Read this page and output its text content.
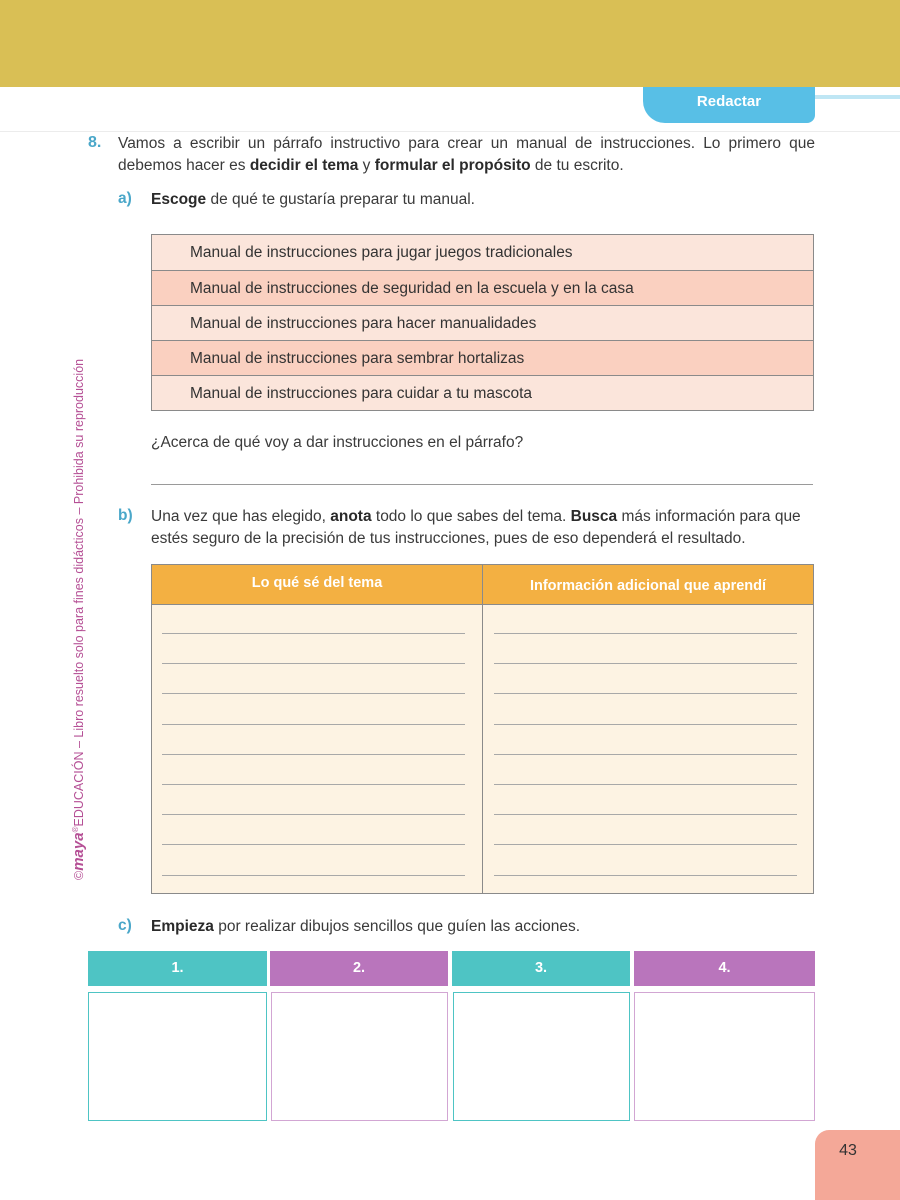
Redactar
©maya®EDUCACIÓN – Libro resuelto solo para fines didácticos – Prohibida su reproducción
8. Vamos a escribir un párrafo instructivo para crear un manual de instrucciones. Lo primero que debemos hacer es decidir el tema y formular el propósito de tu escrito.
a) Escoge de qué te gustaría preparar tu manual.
Manual de instrucciones para jugar juegos tradicionales
Manual de instrucciones de seguridad en la escuela y en la casa
Manual de instrucciones para hacer manualidades
Manual de instrucciones para sembrar hortalizas
Manual de instrucciones para cuidar a tu mascota
¿Acerca de qué voy a dar instrucciones en el párrafo?
b) Una vez que has elegido, anota todo lo que sabes del tema. Busca más información para que estés seguro de la precisión de tus instrucciones, pues de eso dependerá el resultado.
Lo qué sé del tema	Información adicional que aprendí
c) Empieza por realizar dibujos sencillos que guíen las acciones.
1.	2.	3.	4.
43
